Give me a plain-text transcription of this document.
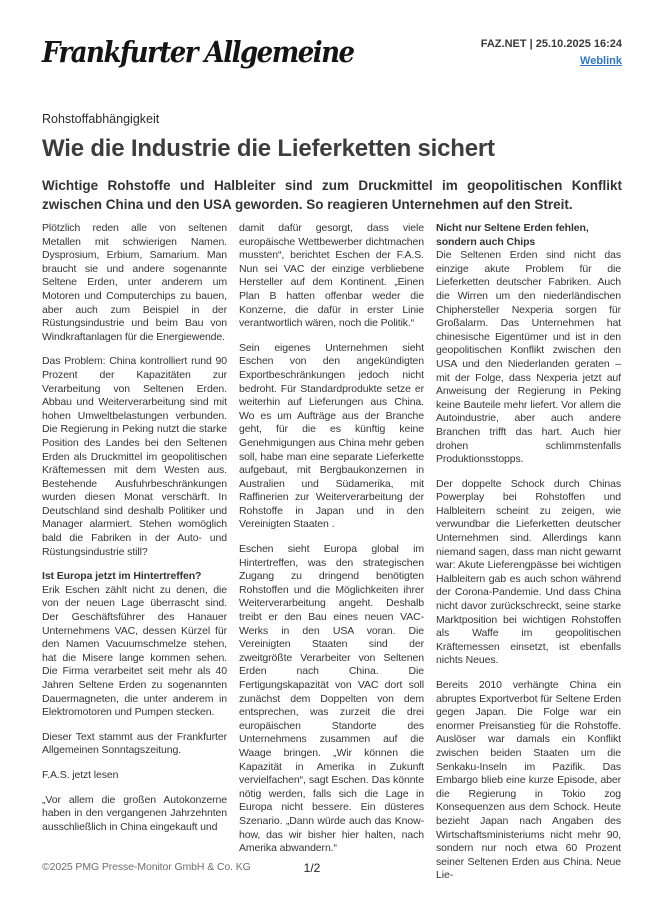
Frankfurter Allgemeine	FAZ.NET | 25.10.2025 16:24
Weblink
Rohstoffabhängigkeit
Wie die Industrie die Lieferketten sichert

Wichtige Rohstoffe und Halbleiter sind zum Druckmittel im geopolitischen Konflikt zwischen China und den USA geworden. So reagieren Unternehmen auf den Streit.

Plötzlich reden alle von seltenen Metallen mit schwierigen Namen. Dysprosium, Erbium, Samarium. Man braucht sie und andere sogenannte Seltene Erden, unter anderem um Motoren und Computerchips zu bauen, aber auch zum Beispiel in der Rüstungsindustrie und beim Bau von Windkraftanlagen für die Energiewende.

Das Problem: China kontrolliert rund 90 Prozent der Kapazitäten zur Verarbeitung von Seltenen Erden. Abbau und Weiterverarbeitung sind mit hohen Umweltbelastungen verbunden. Die Regierung in Peking nutzt die starke Position des Landes bei den Seltenen Erden als Druckmittel im geopolitischen Kräftemessen mit dem Westen aus. Bestehende Ausfuhrbeschränkungen wurden diesen Monat verschärft. In Deutschland sind deshalb Politiker und Manager alarmiert. Stehen womöglich bald die Fabriken in der Auto- und Rüstungsindustrie still?

Ist Europa jetzt im Hintertreffen?

Erik Eschen zählt nicht zu denen, die von der neuen Lage überrascht sind. Der Geschäftsführer des Hanauer Unternehmens VAC, dessen Kürzel für den Namen Vacuumschmelze stehen, hat die Misere lange kommen sehen. Die Firma verarbeitet seit mehr als 40 Jahren Seltene Erden zu sogenannten Dauermagneten, die unter anderem in Elektromotoren und Pumpen stecken.

Dieser Text stammt aus der Frankfurter Allgemeinen Sonntagszeitung.

F.A.S. jetzt lesen

„Vor allem die großen Autokonzerne haben in den vergangenen Jahrzehnten ausschließlich in China eingekauft und

damit dafür gesorgt, dass viele europäische Wettbewerber dichtmachen mussten“, berichtet Eschen der F.A.S. Nun sei VAC der einzige verbliebene Hersteller auf dem Kontinent. „Einen Plan B hatten offenbar weder die Konzerne, die dafür in erster Linie verantwortlich wären, noch die Politik.“

Sein eigenes Unternehmen sieht Eschen von den angekündigten Exportbeschränkungen jedoch nicht bedroht. Für Standardprodukte setze er weiterhin auf Lieferungen aus China. Wo es um Aufträge aus der Branche geht, für die es künftig keine Genehmigungen aus China mehr geben soll, habe man eine separate Lieferkette aufgebaut, mit Bergbaukonzernen in Australien und Südamerika, mit Raffinerien zur Weiterverarbeitung der Rohstoffe in Japan und in den Vereinigten Staaten .

Eschen sieht Europa global im Hintertreffen, was den strategischen Zugang zu dringend benötigten Rohstoffen und die Möglichkeiten ihrer Weiterverarbeitung angeht. Deshalb treibt er den Bau eines neuen VAC-Werks in den USA voran. Die Vereinigten Staaten sind der zweitgrößte Verarbeiter von Seltenen Erden nach China. Die Fertigungskapazität von VAC dort soll zunächst dem Doppelten von dem entsprechen, was zurzeit die drei europäischen Standorte des Unternehmens zusammen auf die Waage bringen. „Wir können die Kapazität in Amerika in Zukunft vervielfachen“, sagt Eschen. Das könnte nötig werden, falls sich die Lage in Europa nicht bessere. Ein düsteres Szenario. „Dann würde auch das Know-how, das wir bisher hier halten, nach Amerika abwandern.“

Nicht nur Seltene Erden fehlen, sondern auch Chips

Die Seltenen Erden sind nicht das einzige akute Problem für die Lieferketten deutscher Fabriken. Auch die Wirren um den niederländischen Chiphersteller Nexperia sorgen für Großalarm. Das Unternehmen hat chinesische Eigentümer und ist in den geopolitischen Konflikt zwischen den USA und den Niederlanden geraten – mit der Folge, dass Nexperia jetzt auf Anweisung der Regierung in Peking keine Bauteile mehr liefert. Vor allem die Autoindustrie, aber auch andere Branchen trifft das hart. Auch hier drohen schlimmstenfalls Produktionsstopps.

Der doppelte Schock durch Chinas Powerplay bei Rohstoffen und Halbleitern scheint zu zeigen, wie verwundbar die Lieferketten deutscher Unternehmen sind. Allerdings kann niemand sagen, dass man nicht gewarnt war: Akute Lieferengpässe bei wichtigen Halbleitern gab es auch schon während der Corona-Pandemie. Und dass China nicht davor zurückschreckt, seine starke Marktposition bei wichtigen Rohstoffen als Waffe im geopolitischen Kräftemessen einsetzt, ist ebenfalls nichts Neues.

Bereits 2010 verhängte China ein abruptes Exportverbot für Seltene Erden gegen Japan. Die Folge war ein enormer Preisanstieg für die Rohstoffe. Auslöser war damals ein Konflikt zwischen beiden Staaten um die Senkaku-Inseln im Pazifik. Das Embargo blieb eine kurze Episode, aber die Regierung in Tokio zog Konsequenzen aus dem Schock. Heute bezieht Japan nach Angaben des Wirtschaftsministeriums nicht mehr 90, sondern nur noch etwa 60 Prozent seiner Seltenen Erden aus China. Neue Lie-

©2025 PMG Presse-Monitor GmbH & Co. KG	1/2
